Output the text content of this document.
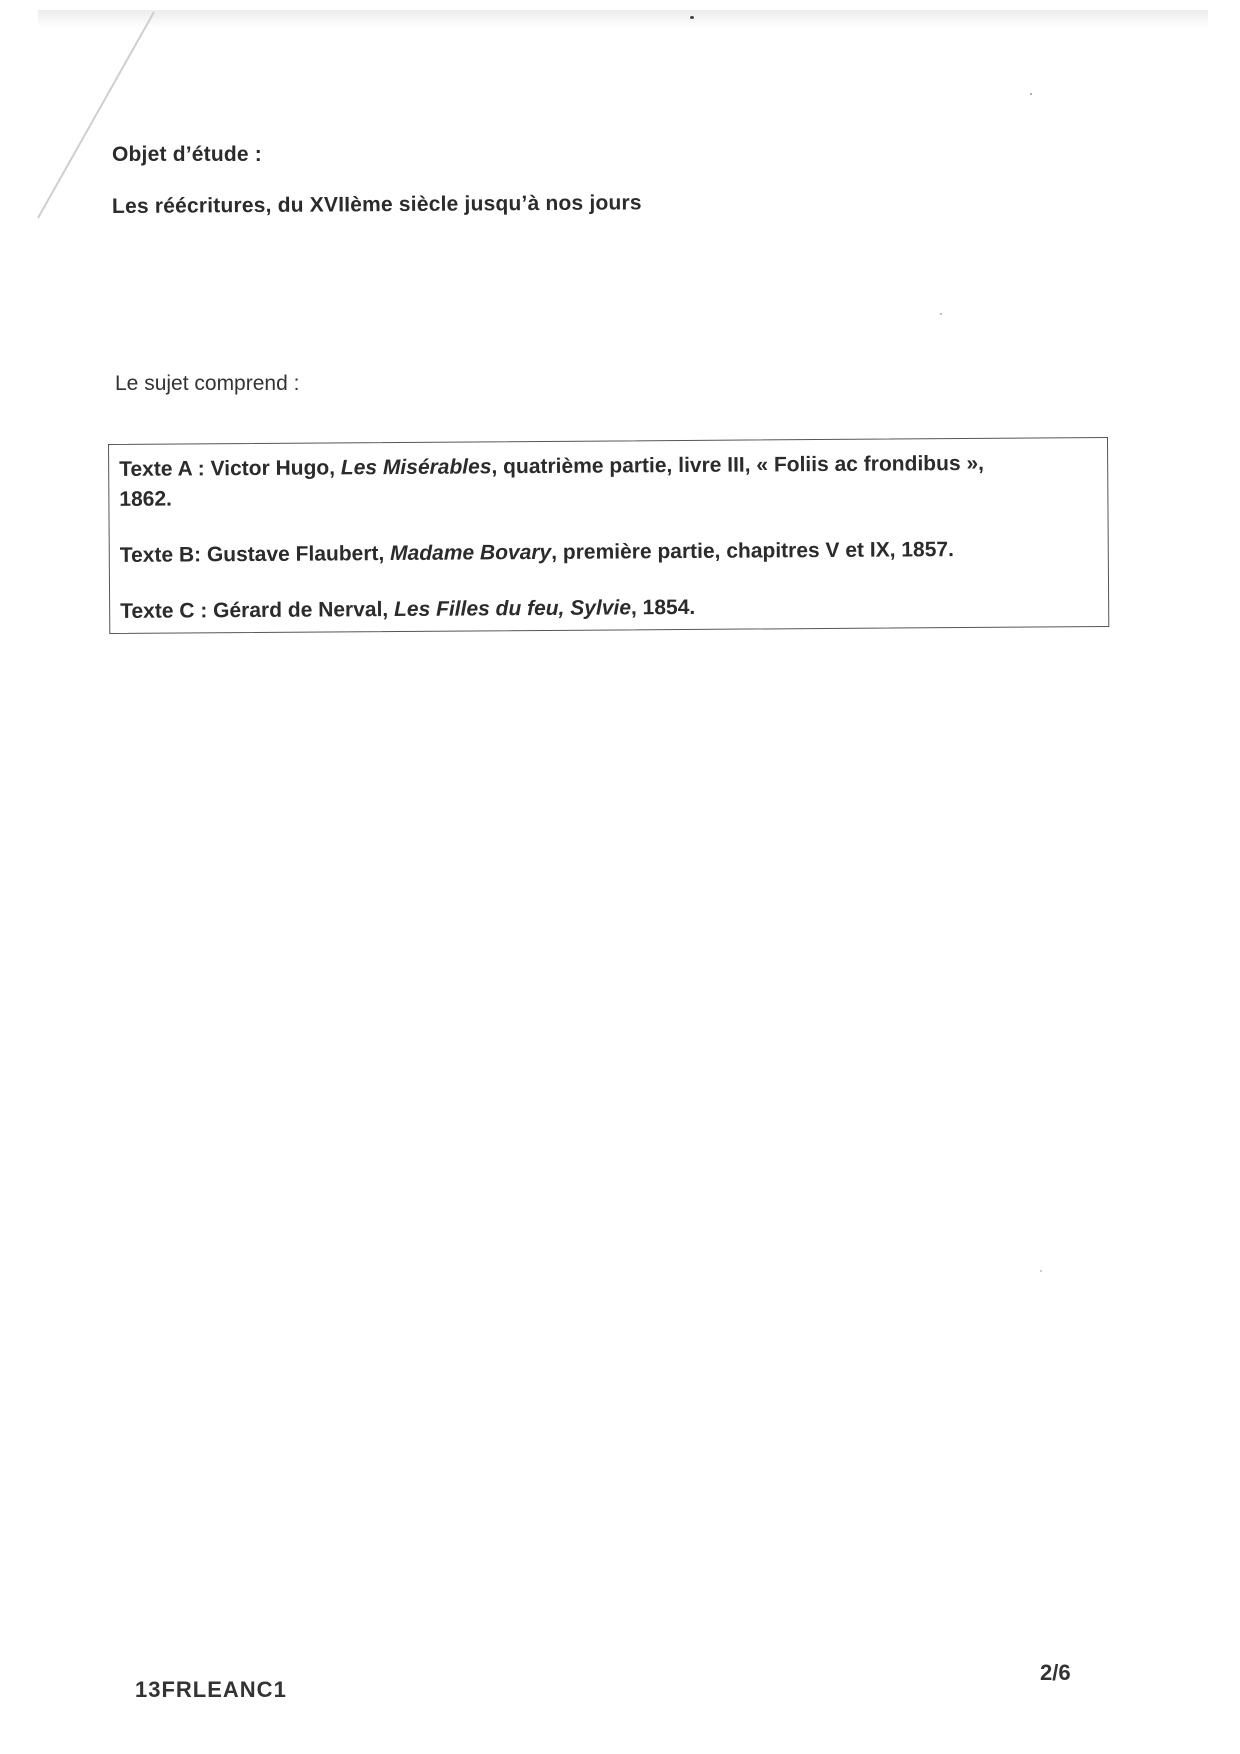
Objet d’étude :
Les réécritures, du XVIIème siècle jusqu’à nos jours
Le sujet comprend :
Texte A : Victor Hugo, Les Misérables, quatrième partie, livre III, « Foliis ac frondibus », 1862.
Texte B: Gustave Flaubert, Madame Bovary, première partie, chapitres V et IX, 1857.
Texte C : Gérard de Nerval, Les Filles du feu, Sylvie, 1854.
13FRLEANC1
2/6
